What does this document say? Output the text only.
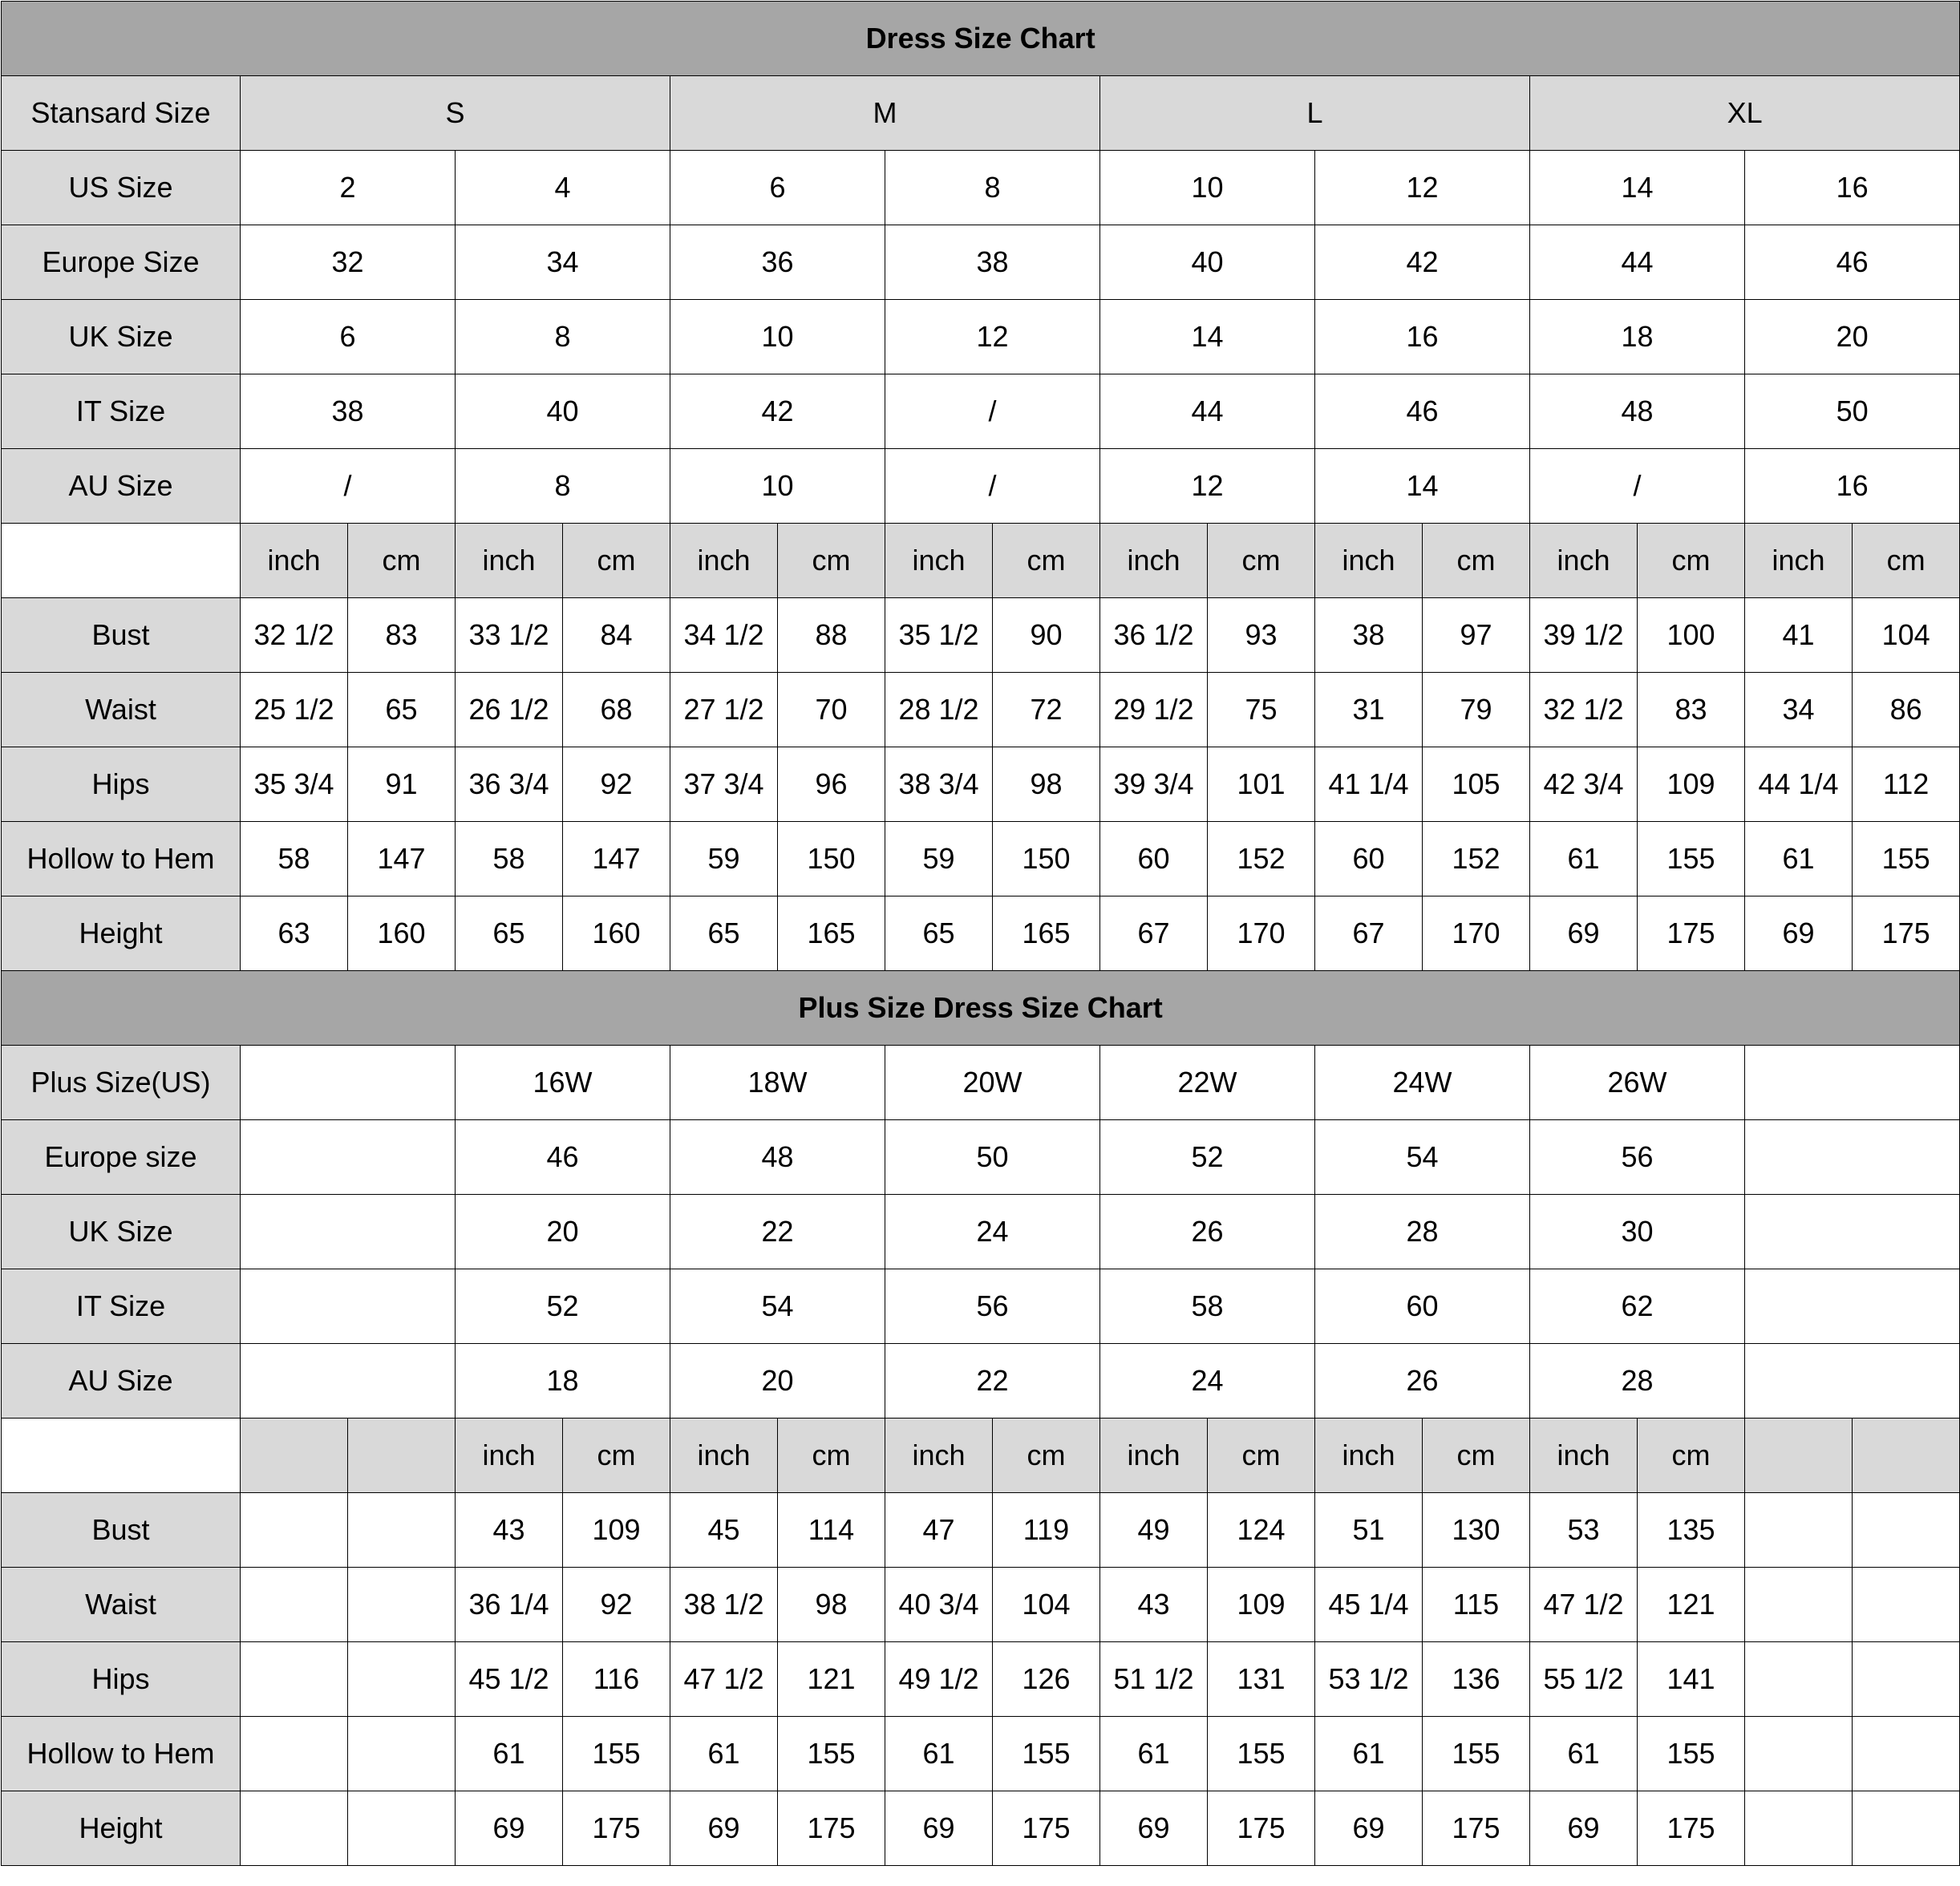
Dress Size Chart																
Stansard Size	S				M				L				XL			
US Size	2		4		6		8		10		12		14		16	
Europe Size	32		34		36		38		40		42		44		46	
UK Size	6		8		10		12		14		16		18		20	
IT Size	38		40		42		/		44		46		48		50	
AU Size	/		8		10		/		12		14		/		16	
	inch	cm	inch	cm	inch	cm	inch	cm	inch	cm	inch	cm	inch	cm	inch	cm
Bust	32 1/2	83	33 1/2	84	34 1/2	88	35 1/2	90	36 1/2	93	38	97	39 1/2	100	41	104
Waist	25 1/2	65	26 1/2	68	27 1/2	70	28 1/2	72	29 1/2	75	31	79	32 1/2	83	34	86
Hips	35 3/4	91	36 3/4	92	37 3/4	96	38 3/4	98	39 3/4	101	41 1/4	105	42 3/4	109	44 1/4	112
Hollow to Hem	58	147	58	147	59	150	59	150	60	152	60	152	61	155	61	155
Height	63	160	65	160	65	165	65	165	67	170	67	170	69	175	69	175
Plus Size Dress Size Chart																
Plus Size(US)			16W		18W		20W		22W		24W		26W			
Europe size			46		48		50		52		54		56			
UK Size			20		22		24		26		28		30			
IT Size			52		54		56		58		60		62			
AU Size			18		20		22		24		26		28			
			inch	cm	inch	cm	inch	cm	inch	cm	inch	cm	inch	cm		
Bust			43	109	45	114	47	119	49	124	51	130	53	135		
Waist			36 1/4	92	38 1/2	98	40 3/4	104	43	109	45 1/4	115	47 1/2	121		
Hips			45 1/2	116	47 1/2	121	49 1/2	126	51 1/2	131	53 1/2	136	55 1/2	141		
Hollow to Hem			61	155	61	155	61	155	61	155	61	155	61	155		
Height			69	175	69	175	69	175	69	175	69	175	69	175		
